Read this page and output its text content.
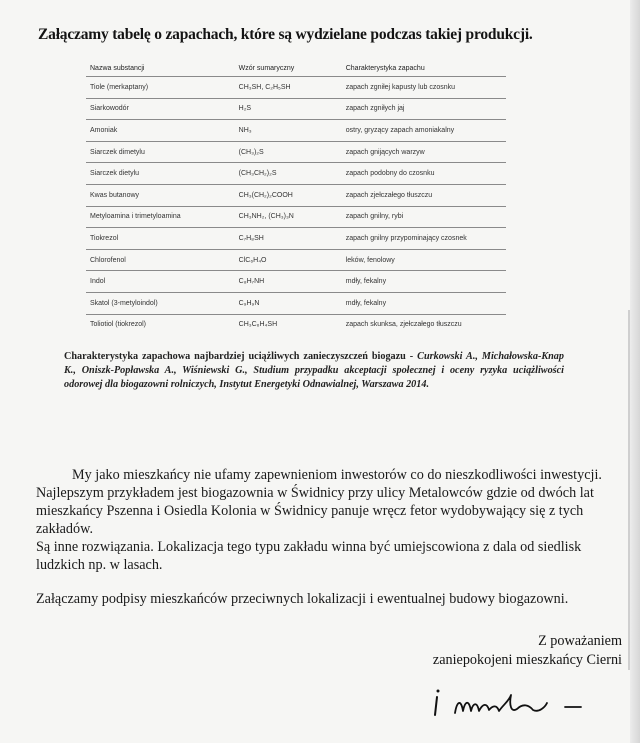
Załączamy tabelę o zapachach, które są wydzielane podczas takiej produkcji.
Nazwa substancji	Wzór sumaryczny	Charakterystyka zapachu
Tiole (merkaptany)	CH₃SH, C₂H₅SH	zapach zgniłej kapusty lub czosnku
Siarkowodór	H₂S	zapach zgniłych jaj
Amoniak	NH₃	ostry, gryzący zapach amoniakalny
Siarczek dimetylu	(CH₃)₂S	zapach gnijących warzyw
Siarczek dietylu	(CH₃CH₂)₂S	zapach podobny do czosnku
Kwas butanowy	CH₃(CH₂)₂COOH	zapach zjełczałego tłuszczu
Metyloamina i trimetyloamina	CH₃NH₂, (CH₃)₃N	zapach gnilny, rybi
Tiokrezol	C₇H₈SH	zapach gnilny przypominający czosnek
Chlorofenol	ClC₆H₄O	leków, fenolowy
Indol	C₈H₇NH	mdły, fekalny
Skatol (3-metyloindol)	C₉H₉N	mdły, fekalny
Toliotiol (tiokrezol)	CH₃C₆H₄SH	zapach skunksa, zjełczałego tłuszczu
Charakterystyka zapachowa najbardziej uciążliwych zanieczyszczeń biogazu - Curkowski A., Michałowska-Knap K., Oniszk-Popławska A., Wiśniewski G., Studium przypadku akceptacji społecznej i oceny ryzyka uciążliwości odorowej dla biogazowni rolniczych, Instytut Energetyki Odnawialnej, Warszawa 2014.

My jako mieszkańcy nie ufamy zapewnieniom inwestorów co do nieszkodliwości inwestycji. Najlepszym przykładem jest biogazownia w Świdnicy przy ulicy Metalowców gdzie od dwóch lat mieszkańcy Pszenna i Osiedla Kolonia w Świdnicy panuje wręcz fetor wydobywający się z tych zakładów.

Są inne rozwiązania. Lokalizacja tego typu zakładu winna być umiejscowiona z dala od siedlisk ludzkich np. w lasach.

Załączamy podpisy mieszkańców przeciwnych lokalizacji i ewentualnej budowy biogazowni.

Z poważaniem
zaniepokojeni mieszkańcy Cierni
